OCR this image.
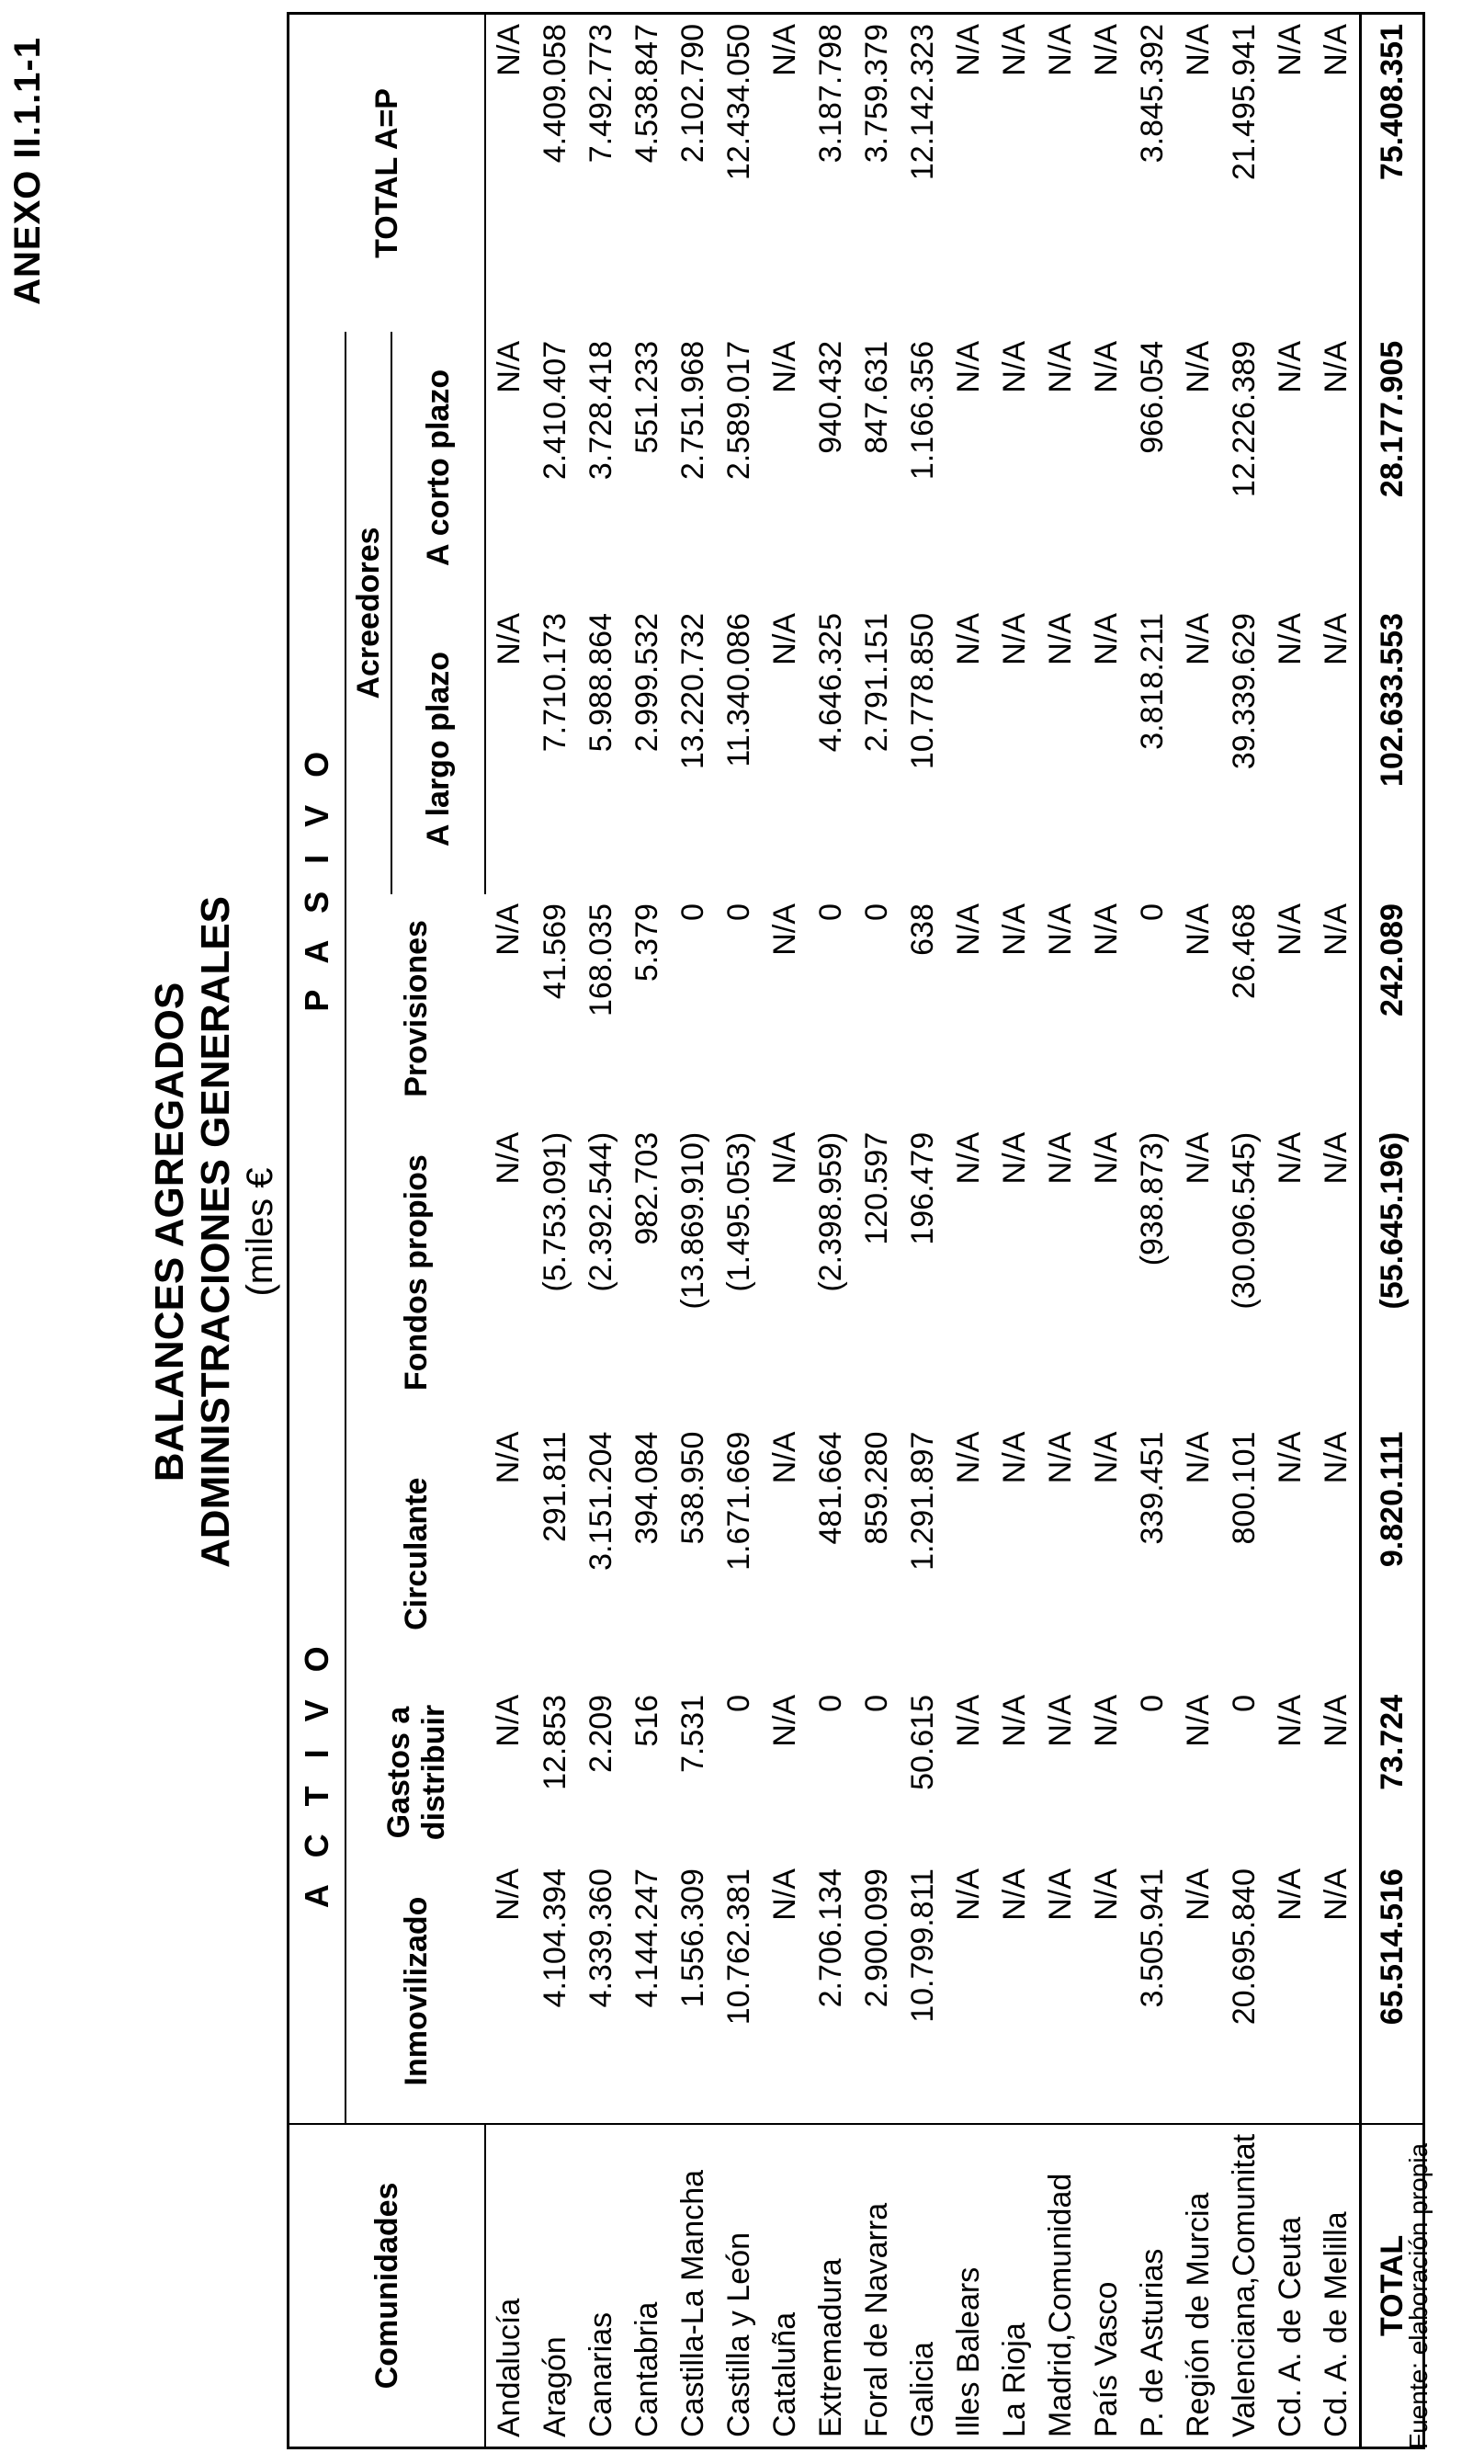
ANEXO II.1.1-1
BALANCES AGREGADOS ADMINISTRACIONES GENERALES (miles €
Comunidades	A C T I V O			P A S I V O				TOTAL A=P
	Inmovilizado	Gastos a distribuir	Circulante	Fondos propios	Provisiones	Acreedores		
						A largo plazo	A corto plazo	
Andalucía	N/A	N/A	N/A	N/A	N/A	N/A	N/A	N/A
Aragón	4.104.394	12.853	291.811	(5.753.091)	41.569	7.710.173	2.410.407	4.409.058
Canarias	4.339.360	2.209	3.151.204	(2.392.544)	168.035	5.988.864	3.728.418	7.492.773
Cantabria	4.144.247	516	394.084	982.703	5.379	2.999.532	551.233	4.538.847
Castilla-La Mancha	1.556.309	7.531	538.950	(13.869.910)	0	13.220.732	2.751.968	2.102.790
Castilla y León	10.762.381	0	1.671.669	(1.495.053)	0	11.340.086	2.589.017	12.434.050
Cataluña	N/A	N/A	N/A	N/A	N/A	N/A	N/A	N/A
Extremadura	2.706.134	0	481.664	(2.398.959)	0	4.646.325	940.432	3.187.798
Foral de Navarra	2.900.099	0	859.280	120.597	0	2.791.151	847.631	3.759.379
Galicia	10.799.811	50.615	1.291.897	196.479	638	10.778.850	1.166.356	12.142.323
Illes Balears	N/A	N/A	N/A	N/A	N/A	N/A	N/A	N/A
La Rioja	N/A	N/A	N/A	N/A	N/A	N/A	N/A	N/A
Madrid,Comunidad	N/A	N/A	N/A	N/A	N/A	N/A	N/A	N/A
País Vasco	N/A	N/A	N/A	N/A	N/A	N/A	N/A	N/A
P. de Asturias	3.505.941	0	339.451	(938.873)	0	3.818.211	966.054	3.845.392
Región de Murcia	N/A	N/A	N/A	N/A	N/A	N/A	N/A	N/A
Valenciana,Comunitat	20.695.840	0	800.101	(30.096.545)	26.468	39.339.629	12.226.389	21.495.941
Cd. A. de Ceuta	N/A	N/A	N/A	N/A	N/A	N/A	N/A	N/A
Cd. A. de Melilla	N/A	N/A	N/A	N/A	N/A	N/A	N/A	N/A
TOTAL	65.514.516	73.724	9.820.111	(55.645.196)	242.089	102.633.553	28.177.905	75.408.351
Fuente: elaboración propia
